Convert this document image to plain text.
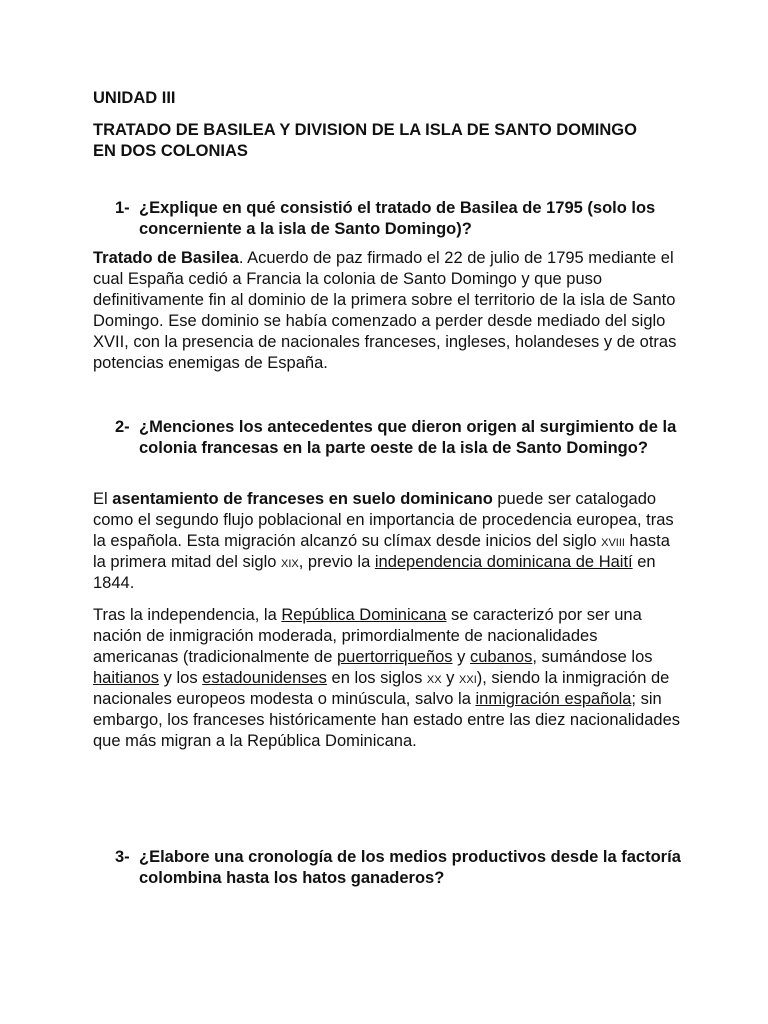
UNIDAD III

TRATADO DE BASILEA Y DIVISION DE LA ISLA DE SANTO DOMINGO EN DOS COLONIAS

1- ¿Explique en qué consistió el tratado de Basilea de 1795 (solo los concerniente a la isla de Santo Domingo)?

Tratado de Basilea. Acuerdo de paz firmado el 22 de julio de 1795 mediante el cual España cedió a Francia la colonia de Santo Domingo y que puso definitivamente fin al dominio de la primera sobre el territorio de la isla de Santo Domingo. Ese dominio se había comenzado a perder desde mediado del siglo XVII, con la presencia de nacionales franceses, ingleses, holandeses y de otras potencias enemigas de España.

2- ¿Menciones los antecedentes que dieron origen al surgimiento de la colonia francesas en la parte oeste de la isla de Santo Domingo?

El asentamiento de franceses en suelo dominicano puede ser catalogado como el segundo flujo poblacional en importancia de procedencia europea, tras la española. Esta migración alcanzó su clímax desde inicios del siglo xviii hasta la primera mitad del siglo xix, previo la independencia dominicana de Haití en 1844.

Tras la independencia, la República Dominicana se caracterizó por ser una nación de inmigración moderada, primordialmente de nacionalidades americanas (tradicionalmente de puertorriqueños y cubanos, sumándose los haitianos y los estadounidenses en los siglos xx y xxi), siendo la inmigración de nacionales europeos modesta o minúscula, salvo la inmigración española; sin embargo, los franceses históricamente han estado entre las diez nacionalidades que más migran a la República Dominicana.

3- ¿Elabore una cronología de los medios productivos desde la factoría colombina hasta los hatos ganaderos?
